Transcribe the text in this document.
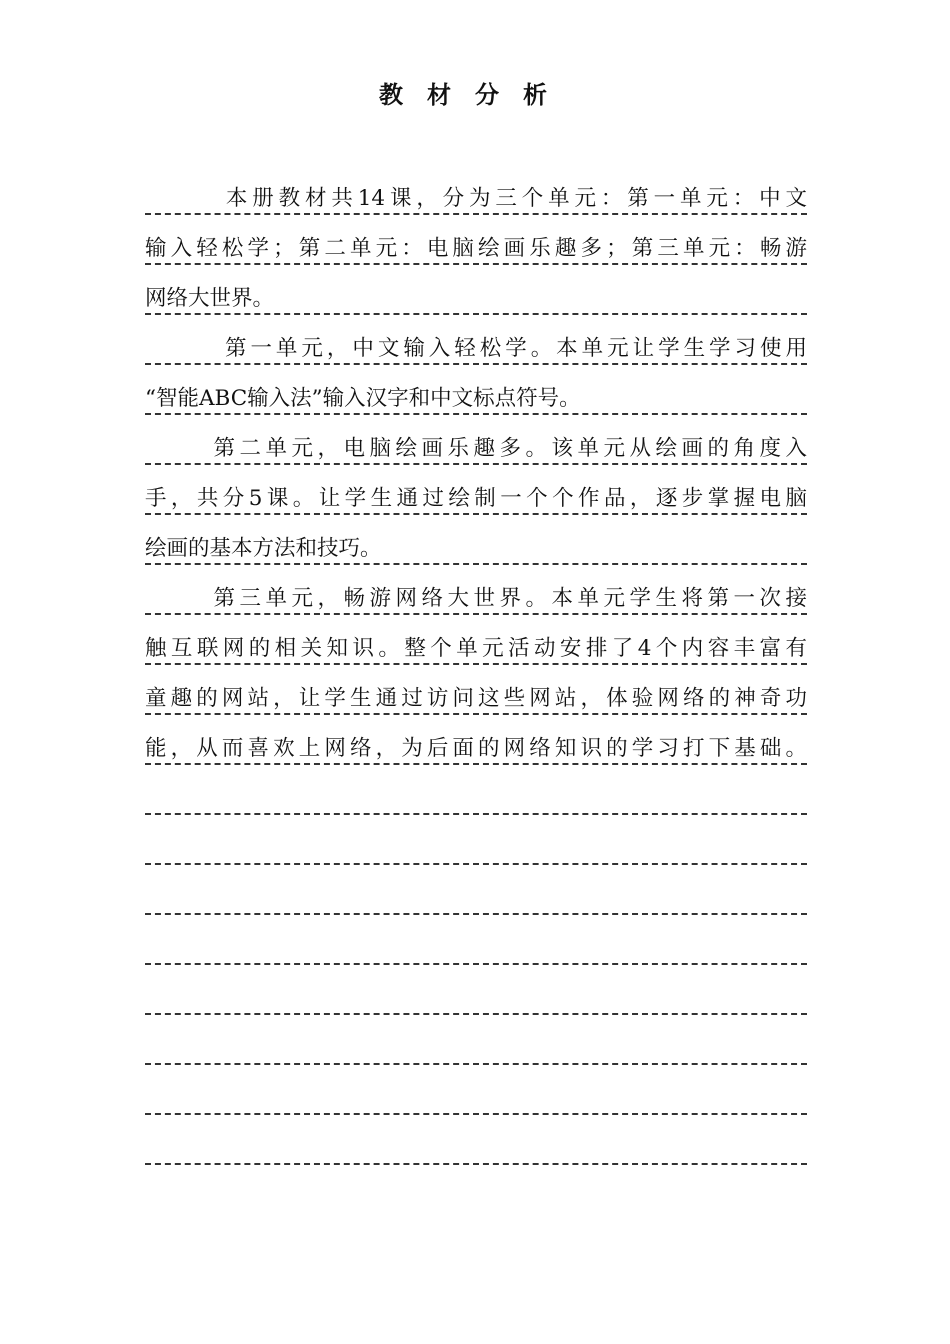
教材分析
本册教材共14课，分为三个单元：第一单元：中文
输入轻松学；第二单元：电脑绘画乐趣多；第三单元：畅游
网络大世界。
第一单元，中文输入轻松学。本单元让学生学习使用
“智能ABC输入法”输入汉字和中文标点符号。
第二单元，电脑绘画乐趣多。该单元从绘画的角度入
手，共分5课。让学生通过绘制一个个作品，逐步掌握电脑
绘画的基本方法和技巧。
第三单元，畅游网络大世界。本单元学生将第一次接
触互联网的相关知识。整个单元活动安排了4个内容丰富有
童趣的网站，让学生通过访问这些网站，体验网络的神奇功
能，从而喜欢上网络，为后面的网络知识的学习打下基础。
